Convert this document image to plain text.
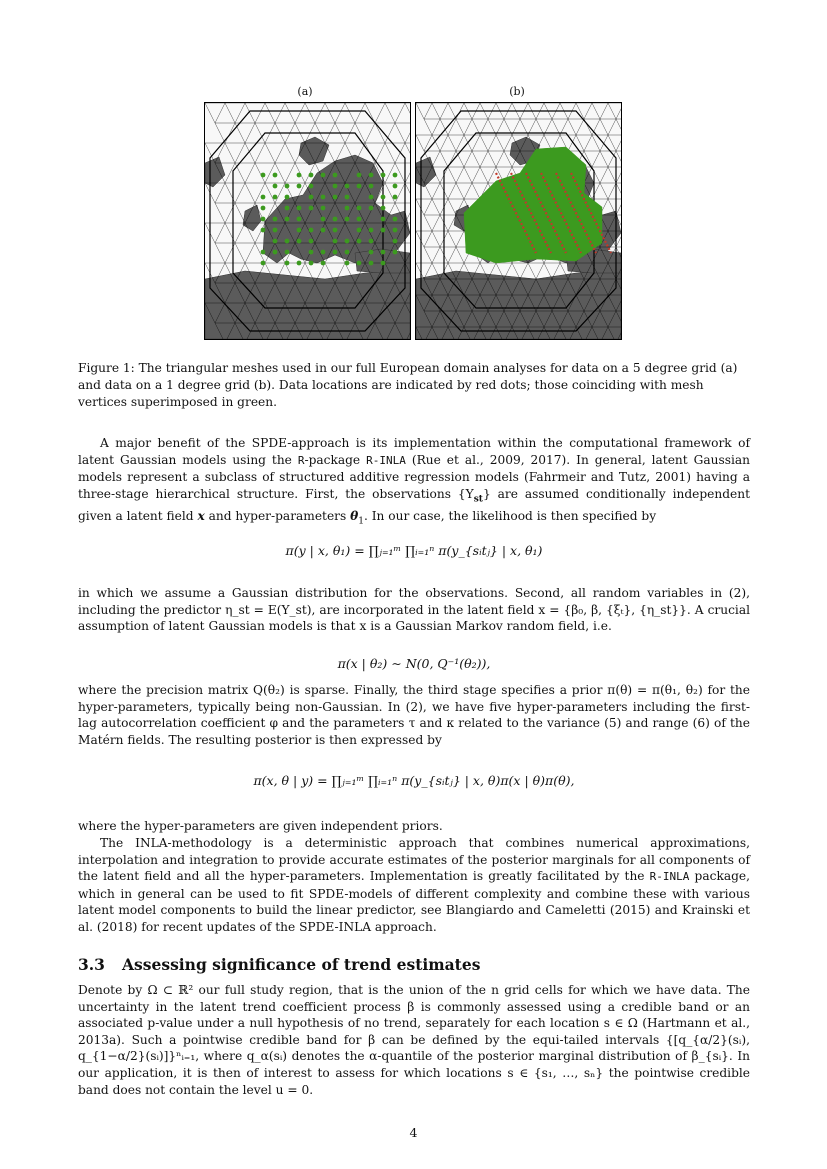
(a)	(b)
Figure 1: The triangular meshes used in our full European domain analyses for data on a 5 degree grid (a) and data on a 1 degree grid (b). Data locations are indicated by red dots; those coinciding with mesh vertices superimposed in green.
A major benefit of the SPDE-approach is its implementation within the computational framework of latent Gaussian models using the R-package R-INLA (Rue et al., 2009, 2017). In general, latent Gaussian models represent a subclass of structured additive regression models (Fahrmeir and Tutz, 2001) having a three-stage hierarchical structure. First, the observations $\{Y_{st}\}$ are assumed conditionally independent given a latent field x and hyper-parameters $\theta_1$. In our case, the likelihood is then specified by
π(y | x, θ₁) = ∏ⱼ₌₁ᵐ ∏ᵢ₌₁ⁿ π(y_{sᵢtⱼ} | x, θ₁)
in which we assume a Gaussian distribution for the observations. Second, all random variables in (2), including the predictor η_st = E(Y_st), are incorporated in the latent field x = {β₀, β, {ξₜ}, {η_st}}. A crucial assumption of latent Gaussian models is that x is a Gaussian Markov random field, i.e.
π(x | θ₂) ∼ N(0, Q⁻¹(θ₂)),
where the precision matrix Q(θ₂) is sparse. Finally, the third stage specifies a prior π(θ) = π(θ₁, θ₂) for the hyper-parameters, typically being non-Gaussian. In (2), we have five hyper-parameters including the first-lag autocorrelation coefficient φ and the parameters τ and κ related to the variance (5) and range (6) of the Matérn fields. The resulting posterior is then expressed by
π(x, θ | y) = ∏ⱼ₌₁ᵐ ∏ᵢ₌₁ⁿ π(y_{sᵢtⱼ} | x, θ)π(x | θ)π(θ),
where the hyper-parameters are given independent priors.
The INLA-methodology is a deterministic approach that combines numerical approximations, interpolation and integration to provide accurate estimates of the posterior marginals for all components of the latent field and all the hyper-parameters. Implementation is greatly facilitated by the R-INLA package, which in general can be used to fit SPDE-models of different complexity and combine these with various latent model components to build the linear predictor, see Blangiardo and Cameletti (2015) and Krainski et al. (2018) for recent updates of the SPDE-INLA approach.
3.3 Assessing significance of trend estimates
Denote by Ω ⊂ ℝ² our full study region, that is the union of the n grid cells for which we have data. The uncertainty in the latent trend coefficient process β is commonly assessed using a credible band or an associated p-value under a null hypothesis of no trend, separately for each location s ∈ Ω (Hartmann et al., 2013a). Such a pointwise credible band for β can be defined by the equi-tailed intervals {[q_{α/2}(sᵢ), q_{1−α/2}(sᵢ)]}ⁿᵢ₌₁, where q_α(sᵢ) denotes the α-quantile of the posterior marginal distribution of β_{sᵢ}. In our application, it is then of interest to assess for which locations s ∈ {s₁, …, sₙ} the pointwise credible band does not contain the level u = 0.
4
